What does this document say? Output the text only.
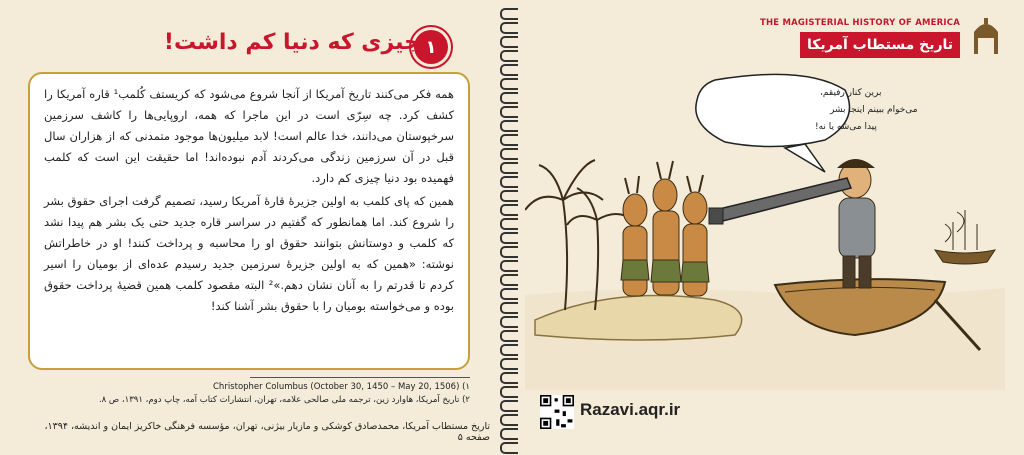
۱
چیزی که دنیا کم داشت!

همه فکر می‌کنند تاریخ آمریکا از آنجا شروع می‌شود که کریستف کُلمب¹ قاره آمریکا را کشف کرد. چه سِرّی است در این ماجرا که همه، اروپایی‌ها را کاشف سرزمین سرخپوستان می‌دانند، خدا عالم است! لابد میلیون‌ها موجود متمدنی که از هزاران سال قبل در آن سرزمین زندگی می‌کردند آدم نبوده‌اند! اما حقیقت این است که کلمب فهمیده بود دنیا چیزی کم دارد.

همین که پای کلمب به اولین جزیرهٔ قارهٔ آمریکا رسید، تصمیم گرفت اجرای حقوق بشر را شروع کند. اما همانطور که گفتیم در سراسر قاره جدید حتی یک بشر هم پیدا نشد که کلمب و دوستانش بتوانند حقوق او را محاسبه و پرداخت کنند! او در خاطراتش نوشته: «همین که به اولین جزیرهٔ سرزمین جدید رسیدم عده‌ای از بومیان را اسیر کردم تا قدرتم را به آنان نشان دهم.»² البته مقصود کلمب همین قضیهٔ پرداخت حقوق بوده و می‌خواسته بومیان را با حقوق بشر آشنا کند!

Christopher Columbus (October 30, 1450 – May 20, 1506) (۱
۲) تاریخ آمریکا، هاوارد زین، ترجمه ملی صالحی علامه، تهران، انتشارات کتاب آمه، چاپ دوم، ۱۳۹۱، ص ۸.
تاریخ مستطاب آمریکا، محمدصادق کوشکی و مازیار بیژنی، تهران، مؤسسه فرهنگی خاکریز ایمان و اندیشه، ۱۳۹۴، صفحه ۵
THE MAGISTERIAL HISTORY OF AMERICA
تاریخ مستطاب آمریکا
برین کنار رفیقم،
می‌خوام ببینم اینجا بشر
پیدا می‌شه یا نه!
Razavi.aqr.ir
